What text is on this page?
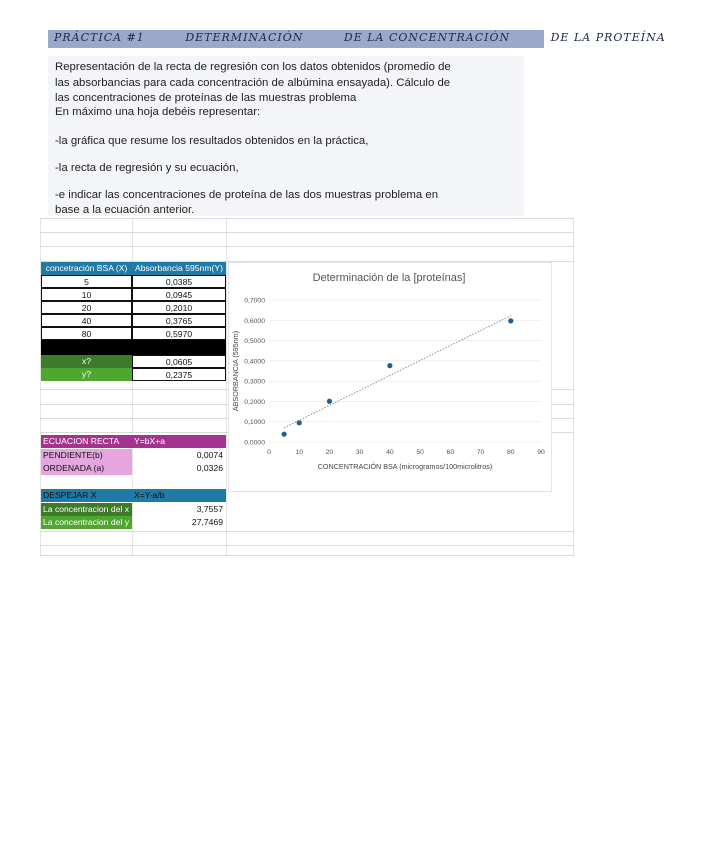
PRÁCTICA #1	DETERMINACIÓN	DE LA CONCENTRACIÓN	DE LA PROTEÍNA
Representación de la recta de regresión con los datos obtenidos (promedio de
las absorbancias para cada concentración de albúmina ensayada). Cálculo de
las concentraciones de proteínas de las muestras problema
En máximo una hoja debéis representar:
-la gráfica que resume los resultados obtenidos en la práctica,
-la recta de regresión y su ecuación,
-e indicar las concentraciones de proteína de las dos muestras problema en
base a la ecuación anterior.
concetración BSA (X) Absorbancia 595nm(Y)
5	0,0385
10	0,0945
20	0,2010
40	0,3765
80	0,5970
x?	0,0605
y?	0,2375
ECUACION RECTA	Y=bX+a
PENDIENTE(b)	0,0074
ORDENADA (a)	0,0326
DESPEJAR X	X=Y-a/b
La concentracion del x	3,7557
La concentracion del y	27,7469
Determinación de la [proteínas]
CONCENTRACIÓN BSA (microgramos/100microlitros)
ABSORBANCIA (595nm)
0,0000
0,1000
0,2000
0,3000
0,4000
0,5000
0,6000
0,7000
0	10	20	30	40	50	60	70	80	90
